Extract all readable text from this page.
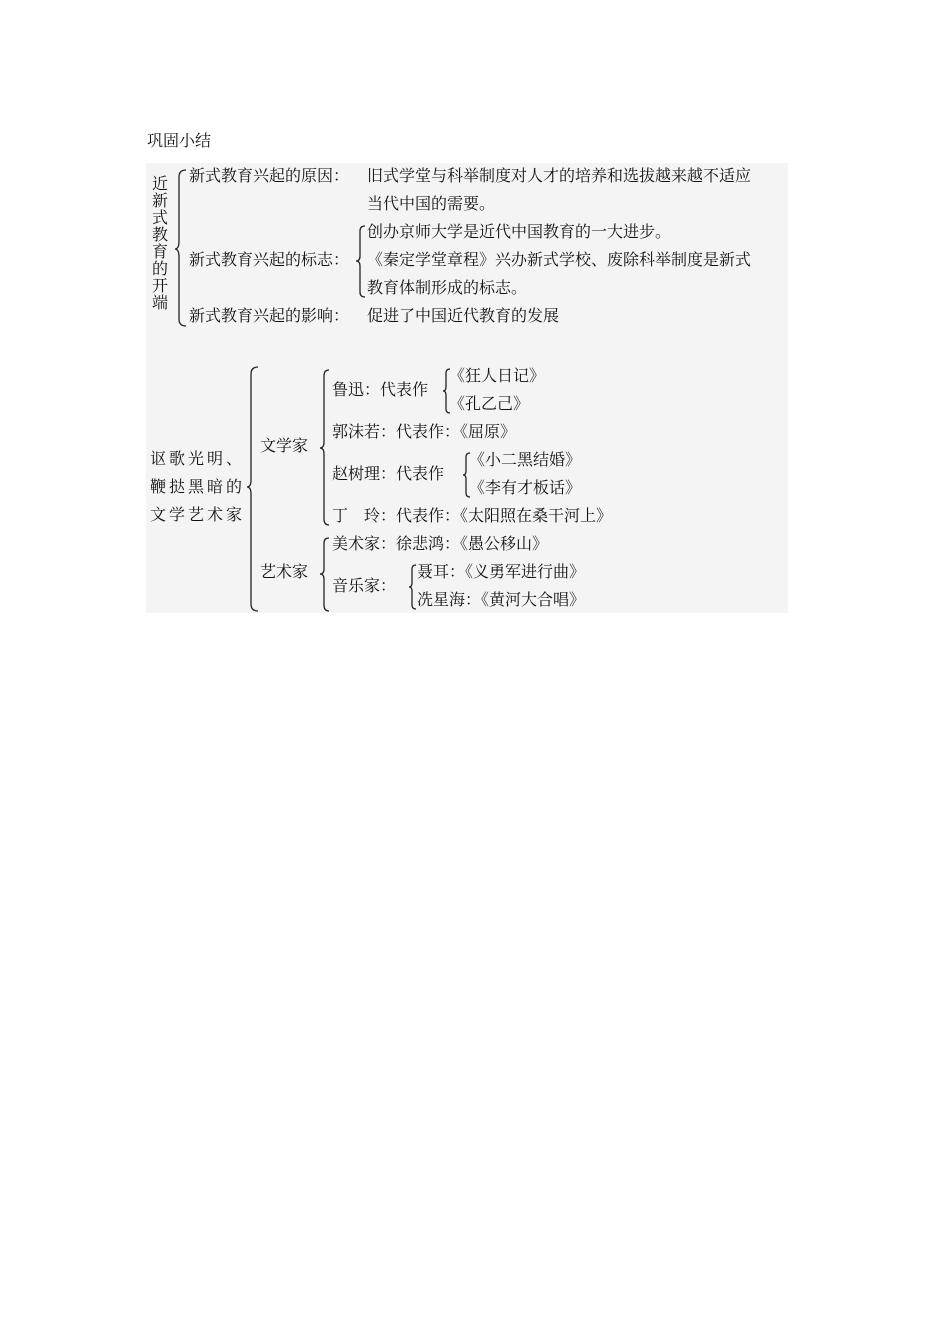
巩固小结
近
新
式
教
育
的
开
端
新式教育兴起的原因： 旧式学堂与科举制度对人才的培养和选拔越来越不适应
当代中国的需要。
新式教育兴起的标志：
创办京师大学是近代中国教育的一大进步。
《秦定学堂章程》兴办新式学校、废除科举制度是新式
教育体制形成的标志。
新式教育兴起的影响： 促进了中国近代教育的发展
讴歌光明、
鞭挞黑暗的
文学艺术家
文学家
鲁迅：代表作
《狂人日记》
《孔乙己》
郭沫若：代表作：《屈原》
赵树理：代表作
《小二黑结婚》
《李有才板话》
丁　玲：代表作：《太阳照在桑干河上》
艺术家
美术家：徐悲鸿：《愚公移山》
音乐家：
聂耳：《义勇军进行曲》
冼星海：《黄河大合唱》
